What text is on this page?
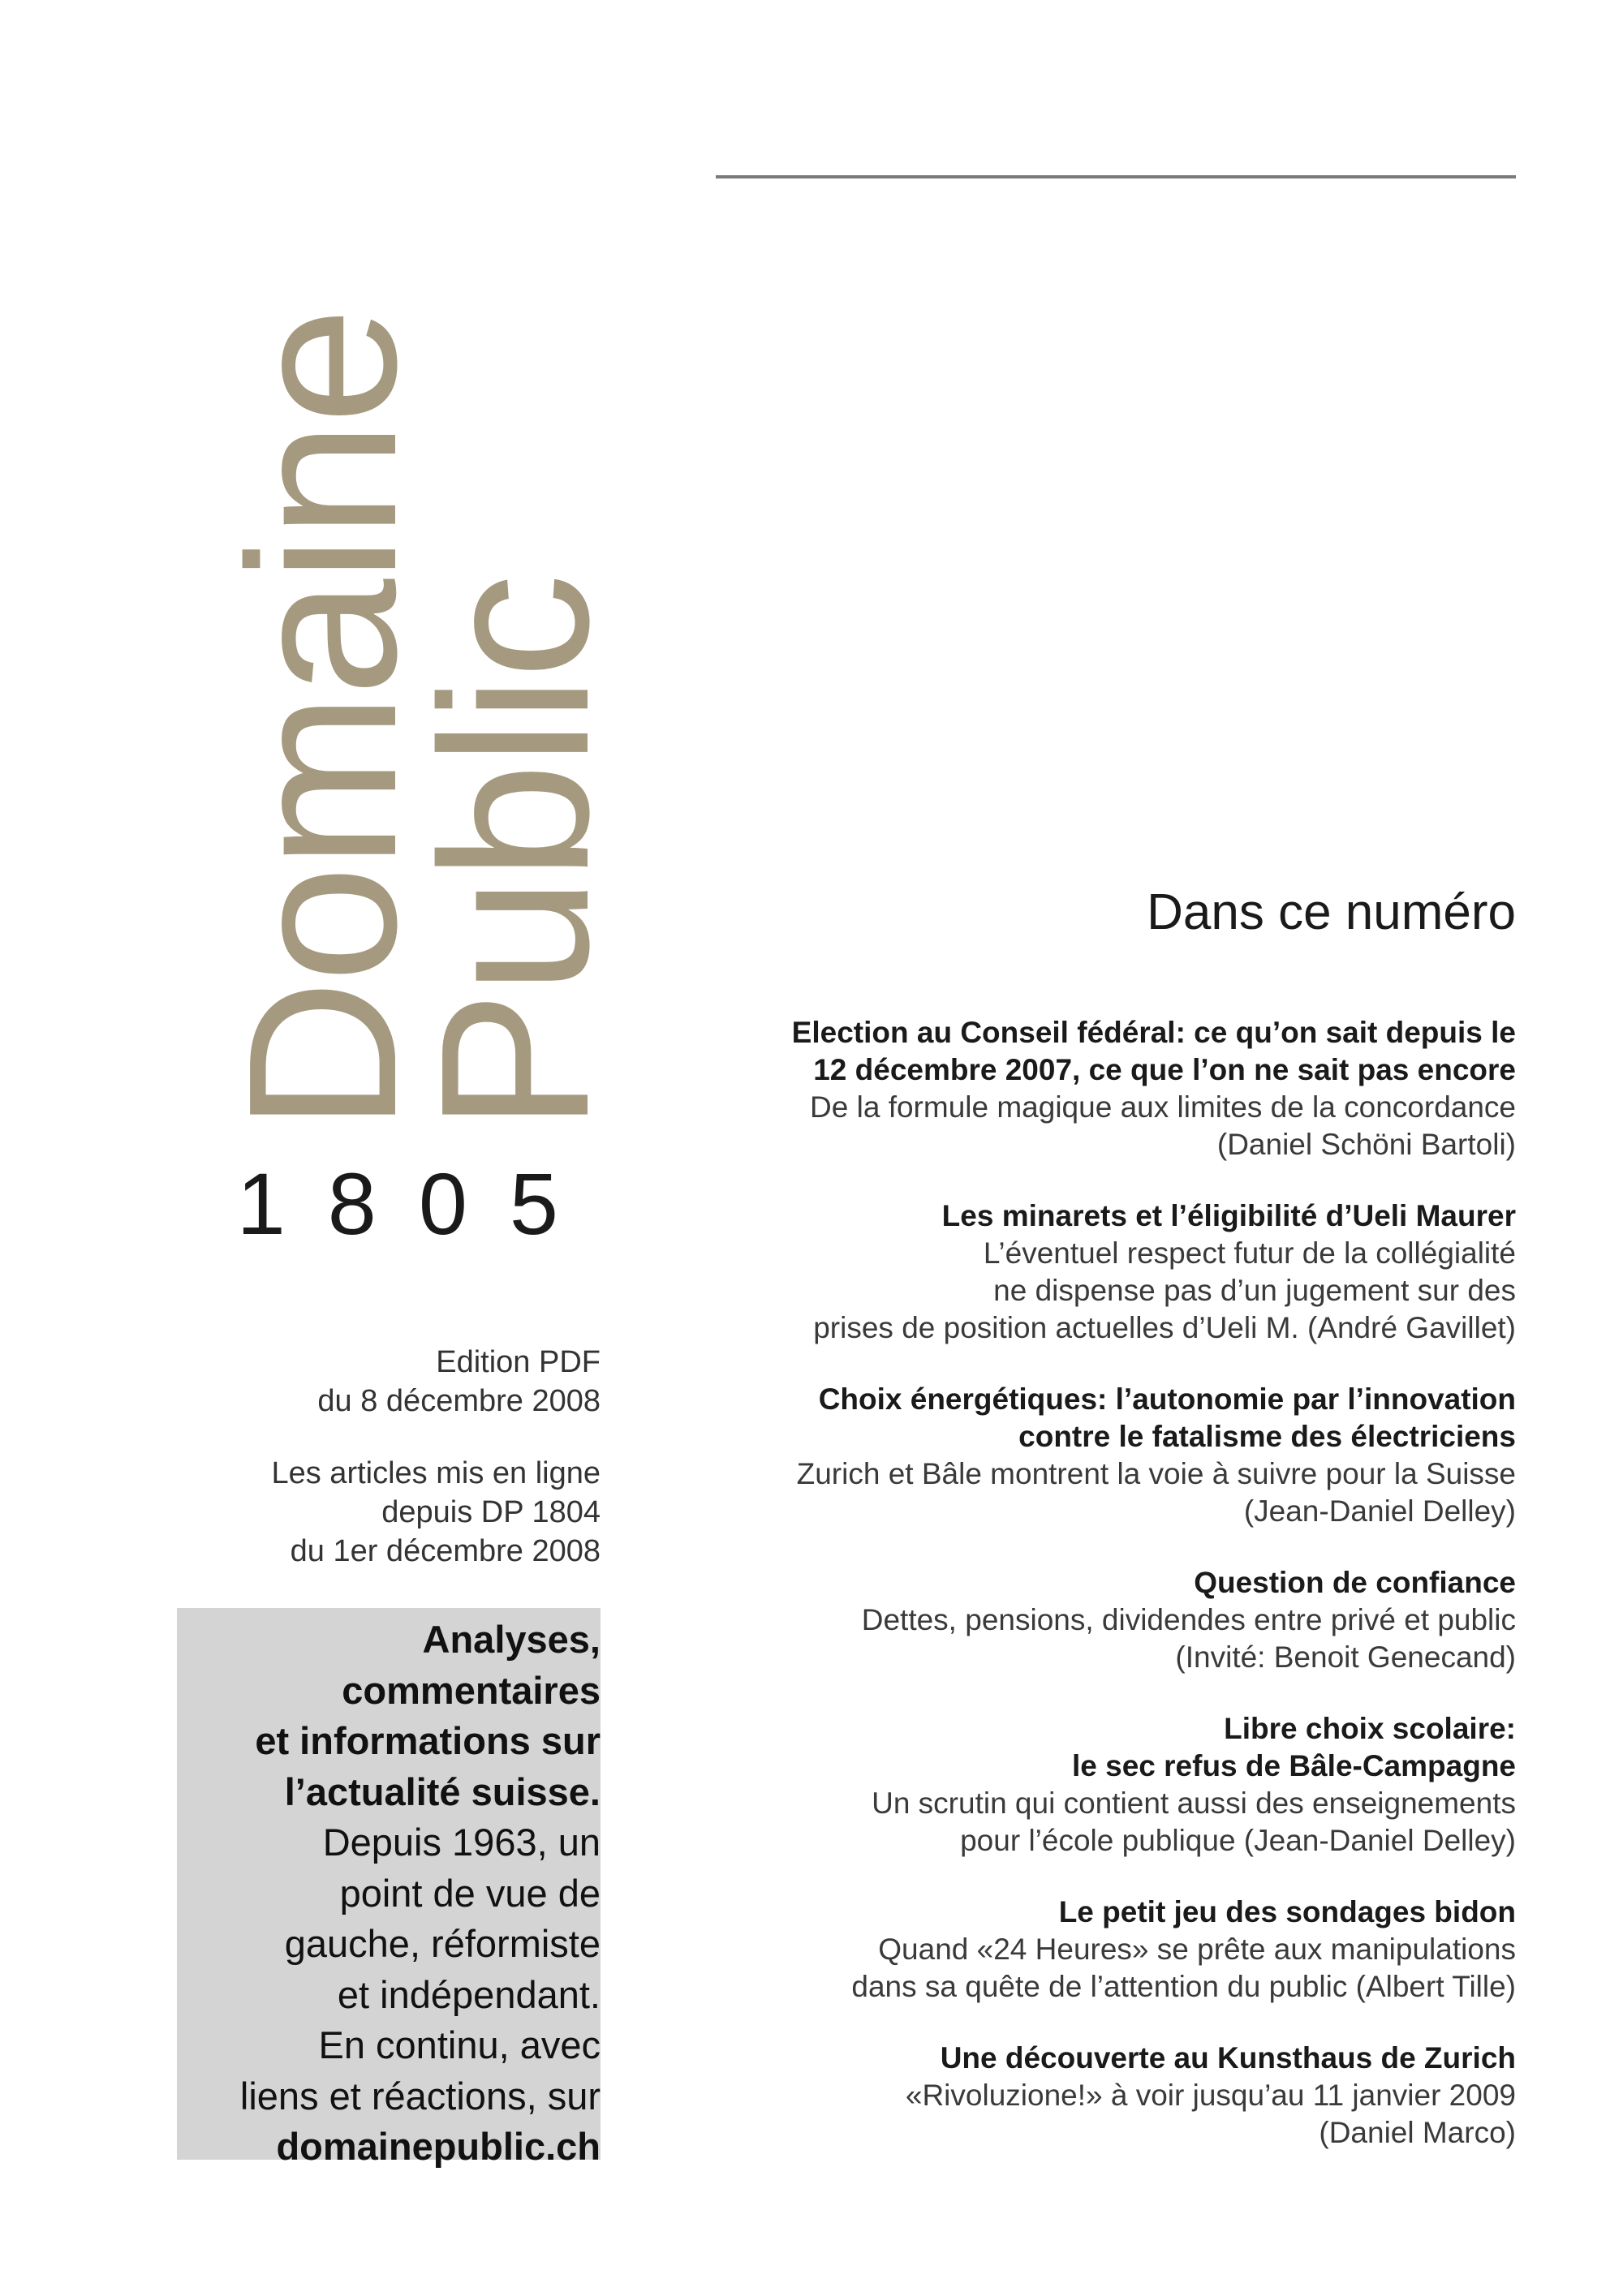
Domaine
Public
1805
Edition PDF
du 8 décembre 2008
Les articles mis en ligne
depuis DP 1804
du 1er décembre 2008
Analyses,
commentaires
et informations sur
l’actualité suisse.
Depuis 1963, un
point de vue de
gauche, réformiste
et indépendant.
En continu, avec
liens et réactions, sur
domainepublic.ch
Dans ce numéro
Election au Conseil fédéral: ce qu’on sait depuis le
12 décembre 2007, ce que l’on ne sait pas encore
De la formule magique aux limites de la concordance
(Daniel Schöni Bartoli)
Les minarets et l’éligibilité d’Ueli Maurer
L’éventuel respect futur de la collégialité
ne dispense pas d’un jugement sur des
prises de position actuelles d’Ueli M. (André Gavillet)
Choix énergétiques: l’autonomie par l’innovation
contre le fatalisme des électriciens
Zurich et Bâle montrent la voie à suivre pour la Suisse
(Jean-Daniel Delley)
Question de confiance
Dettes, pensions, dividendes entre privé et public
(Invité: Benoit Genecand)
Libre choix scolaire:
le sec refus de Bâle-Campagne
Un scrutin qui contient aussi des enseignements
pour l’école publique (Jean-Daniel Delley)
Le petit jeu des sondages bidon
Quand «24 Heures» se prête aux manipulations
dans sa quête de l’attention du public (Albert Tille)
Une découverte au Kunsthaus de Zurich
«Rivoluzione!» à voir jusqu’au 11 janvier 2009
(Daniel Marco)
